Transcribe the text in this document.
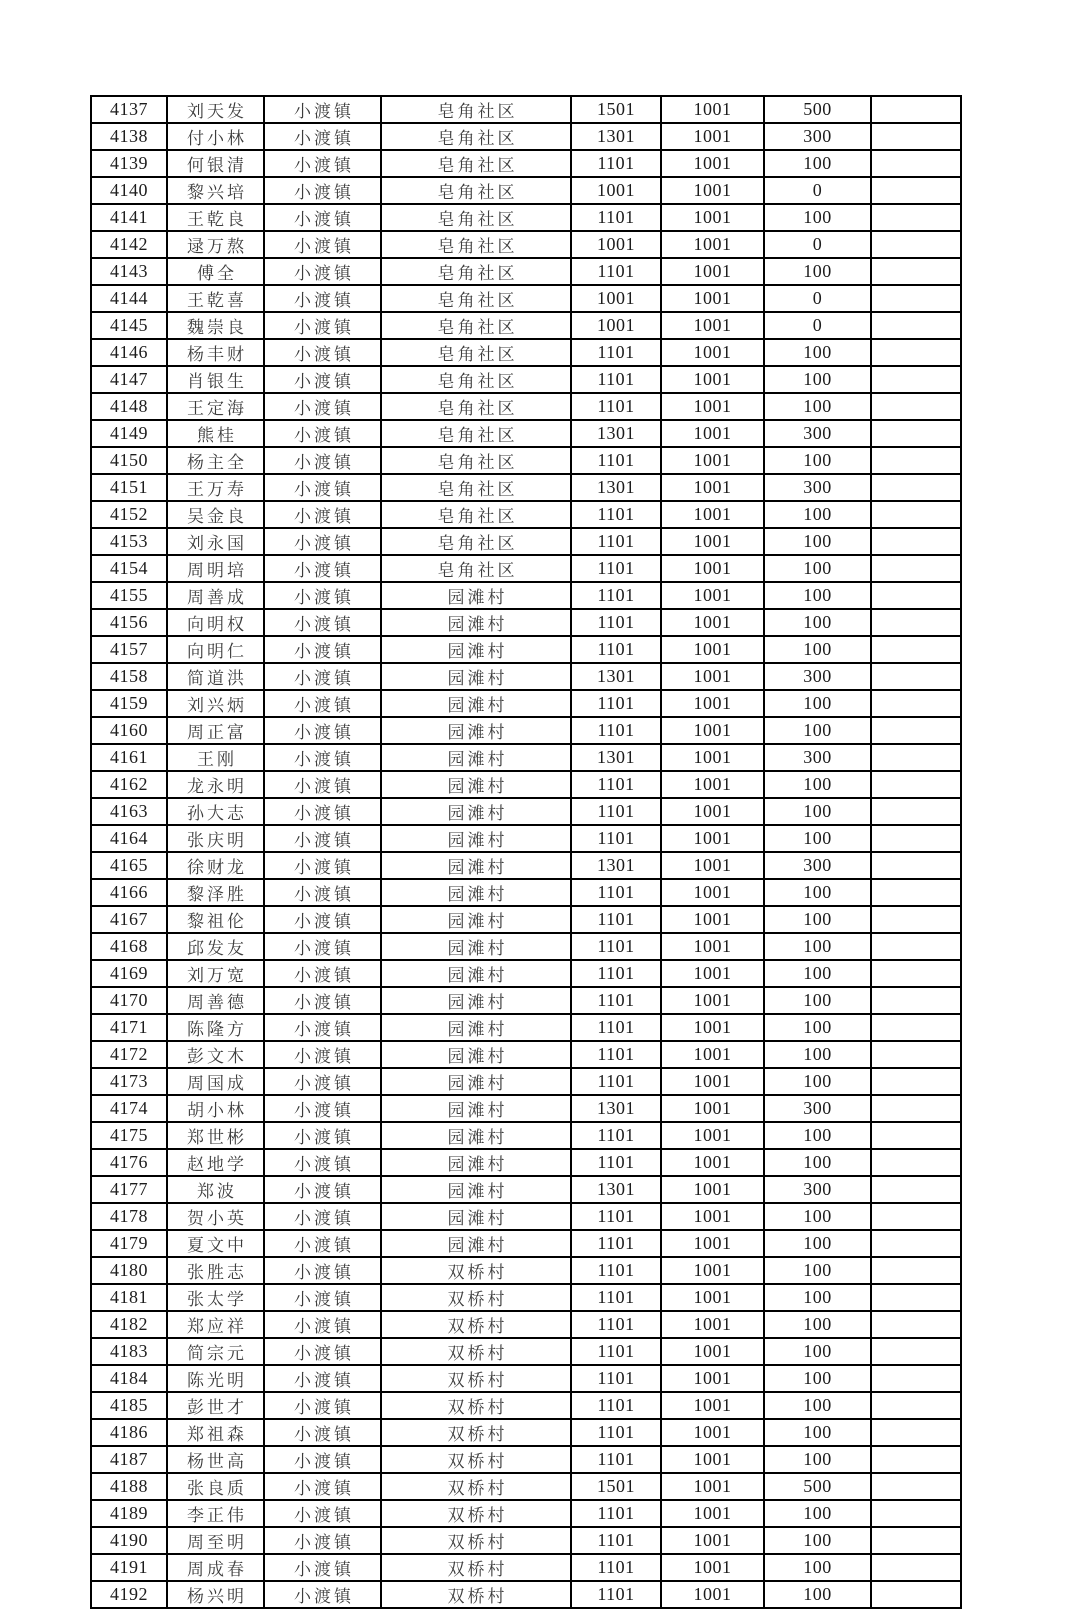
4137	刘天发	小渡镇	皂角社区	1501	1001	500	
4138	付小林	小渡镇	皂角社区	1301	1001	300	
4139	何银清	小渡镇	皂角社区	1101	1001	100	
4140	黎兴培	小渡镇	皂角社区	1001	1001	0	
4141	王乾良	小渡镇	皂角社区	1101	1001	100	
4142	逯万熬	小渡镇	皂角社区	1001	1001	0	
4143	傅全	小渡镇	皂角社区	1101	1001	100	
4144	王乾喜	小渡镇	皂角社区	1001	1001	0	
4145	魏崇良	小渡镇	皂角社区	1001	1001	0	
4146	杨丰财	小渡镇	皂角社区	1101	1001	100	
4147	肖银生	小渡镇	皂角社区	1101	1001	100	
4148	王定海	小渡镇	皂角社区	1101	1001	100	
4149	熊桂	小渡镇	皂角社区	1301	1001	300	
4150	杨主全	小渡镇	皂角社区	1101	1001	100	
4151	王万寿	小渡镇	皂角社区	1301	1001	300	
4152	吴金良	小渡镇	皂角社区	1101	1001	100	
4153	刘永国	小渡镇	皂角社区	1101	1001	100	
4154	周明培	小渡镇	皂角社区	1101	1001	100	
4155	周善成	小渡镇	园滩村	1101	1001	100	
4156	向明权	小渡镇	园滩村	1101	1001	100	
4157	向明仁	小渡镇	园滩村	1101	1001	100	
4158	简道洪	小渡镇	园滩村	1301	1001	300	
4159	刘兴炳	小渡镇	园滩村	1101	1001	100	
4160	周正富	小渡镇	园滩村	1101	1001	100	
4161	王刚	小渡镇	园滩村	1301	1001	300	
4162	龙永明	小渡镇	园滩村	1101	1001	100	
4163	孙大志	小渡镇	园滩村	1101	1001	100	
4164	张庆明	小渡镇	园滩村	1101	1001	100	
4165	徐财龙	小渡镇	园滩村	1301	1001	300	
4166	黎泽胜	小渡镇	园滩村	1101	1001	100	
4167	黎祖伦	小渡镇	园滩村	1101	1001	100	
4168	邱发友	小渡镇	园滩村	1101	1001	100	
4169	刘万宽	小渡镇	园滩村	1101	1001	100	
4170	周善德	小渡镇	园滩村	1101	1001	100	
4171	陈隆方	小渡镇	园滩村	1101	1001	100	
4172	彭文木	小渡镇	园滩村	1101	1001	100	
4173	周国成	小渡镇	园滩村	1101	1001	100	
4174	胡小林	小渡镇	园滩村	1301	1001	300	
4175	郑世彬	小渡镇	园滩村	1101	1001	100	
4176	赵地学	小渡镇	园滩村	1101	1001	100	
4177	郑波	小渡镇	园滩村	1301	1001	300	
4178	贺小英	小渡镇	园滩村	1101	1001	100	
4179	夏文中	小渡镇	园滩村	1101	1001	100	
4180	张胜志	小渡镇	双桥村	1101	1001	100	
4181	张太学	小渡镇	双桥村	1101	1001	100	
4182	郑应祥	小渡镇	双桥村	1101	1001	100	
4183	简宗元	小渡镇	双桥村	1101	1001	100	
4184	陈光明	小渡镇	双桥村	1101	1001	100	
4185	彭世才	小渡镇	双桥村	1101	1001	100	
4186	郑祖森	小渡镇	双桥村	1101	1001	100	
4187	杨世高	小渡镇	双桥村	1101	1001	100	
4188	张良质	小渡镇	双桥村	1501	1001	500	
4189	李正伟	小渡镇	双桥村	1101	1001	100	
4190	周至明	小渡镇	双桥村	1101	1001	100	
4191	周成春	小渡镇	双桥村	1101	1001	100	
4192	杨兴明	小渡镇	双桥村	1101	1001	100	
